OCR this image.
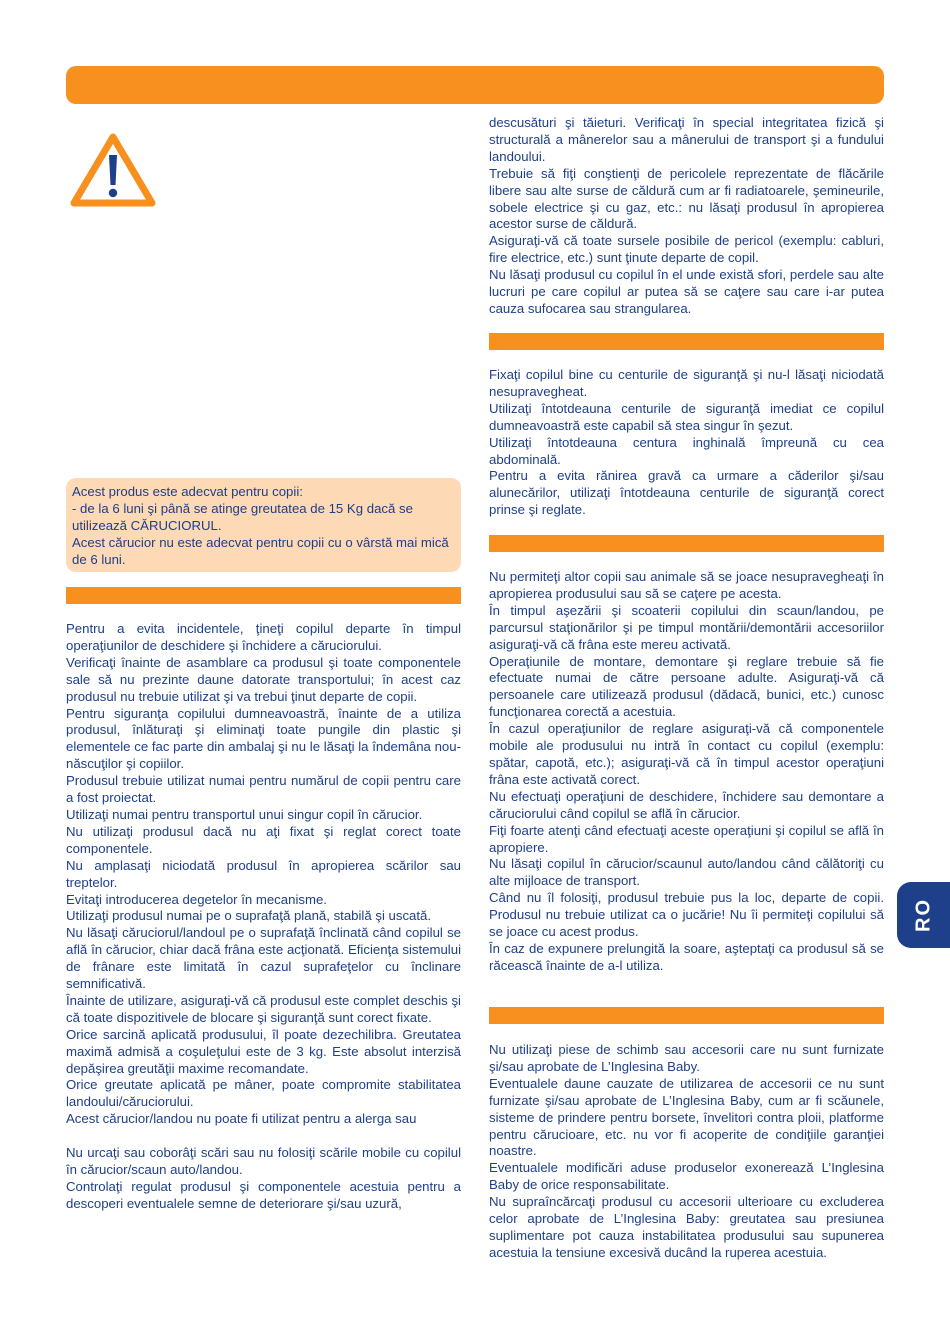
Acest produs este adecvat pentru copii:

- de la 6 luni şi până se atinge greutatea de 15 Kg dacă se utilizează CĂRUCIORUL.

Acest cărucior nu este adecvat pentru copii cu o vârstă mai mică de 6 luni.

Pentru a evita incidentele, ţineţi copilul departe în timpul operaţiunilor de deschidere şi închidere a căruciorului.

Verificaţi înainte de asamblare ca produsul şi toate componentele sale să nu prezinte daune datorate transportului; în acest caz produsul nu trebuie utilizat şi va trebui ţinut departe de copii.

Pentru siguranţa copilului dumneavoastră, înainte de a utiliza produsul, înlăturaţi şi eliminaţi toate pungile din plastic şi elementele ce fac parte din ambalaj şi nu le lăsaţi la îndemâna nou-născuţilor şi copiilor.

Produsul trebuie utilizat numai pentru numărul de copii pentru care a fost proiectat.

Utilizaţi numai pentru transportul unui singur copil în cărucior.

Nu utilizaţi produsul dacă nu aţi fixat şi reglat corect toate componentele.

Nu amplasaţi niciodată produsul în apropierea scărilor sau treptelor.

Evitaţi introducerea degetelor în mecanisme.

Utilizaţi produsul numai pe o suprafaţă plană, stabilă şi uscată.

Nu lăsaţi căruciorul/landoul pe o suprafaţă înclinată când copilul se află în cărucior, chiar dacă frâna este acţionată. Eficienţa sistemului de frânare este limitată în cazul suprafeţelor cu înclinare semnificativă.

Înainte de utilizare, asiguraţi-vă că produsul este complet deschis şi că toate dispozitivele de blocare şi siguranţă sunt corect fixate.

Orice sarcină aplicată produsului, îl poate dezechilibra. Greutatea maximă admisă a coşuleţului este de 3 kg. Este absolut interzisă depăşirea greutăţii maxime recomandate.

Orice greutate aplicată pe mâner, poate compromite stabilitatea landoului/căruciorului.

Acest cărucior/landou nu poate fi utilizat pentru a alerga sau

Nu urcaţi sau coborâţi scări sau nu folosiţi scările mobile cu copilul în cărucior/scaun auto/landou.

Controlaţi regulat produsul şi componentele acestuia pentru a descoperi eventualele semne de deteriorare şi/sau uzură,

descusături şi tăieturi. Verificaţi în special integritatea fizică şi structurală a mânerelor sau a mânerului de transport şi a fundului landoului.

Trebuie să fiţi conştienţi de pericolele reprezentate de flăcările libere sau alte surse de căldură cum ar fi radiatoarele, şemineurile, sobele electrice şi cu gaz, etc.: nu lăsaţi produsul în apropierea acestor surse de căldură.

Asiguraţi-vă că toate sursele posibile de pericol (exemplu: cabluri, fire electrice, etc.) sunt ţinute departe de copil.

Nu lăsaţi produsul cu copilul în el unde există sfori, perdele sau alte lucruri pe care copilul ar putea să se caţere sau care i-ar putea cauza sufocarea sau strangularea.

Fixaţi copilul bine cu centurile de siguranţă şi nu-l lăsaţi niciodată nesupravegheat.

Utilizaţi întotdeauna centurile de siguranţă imediat ce copilul dumneavoastră este capabil să stea singur în şezut.

Utilizaţi întotdeauna centura inghinală împreună cu cea abdominală.

Pentru a evita rănirea gravă ca urmare a căderilor şi/sau alunecărilor, utilizaţi întotdeauna centurile de siguranţă corect prinse şi reglate.

Nu permiteţi altor copii sau animale să se joace nesupravegheaţi în apropierea produsului sau să se caţere pe acesta.

În timpul aşezării şi scoaterii copilului din scaun/landou, pe parcursul staţionărilor şi pe timpul montării/demontării accesoriilor asiguraţi-vă că frâna este mereu activată.

Operaţiunile de montare, demontare şi reglare trebuie să fie efectuate numai de către persoane adulte. Asiguraţi-vă că persoanele care utilizează produsul (dădacă, bunici, etc.) cunosc funcţionarea corectă a acestuia.

În cazul operaţiunilor de reglare asiguraţi-vă că componentele mobile ale produsului nu intră în contact cu copilul (exemplu: spătar, capotă, etc.); asiguraţi-vă că în timpul acestor operaţiuni frâna este activată corect.

Nu efectuaţi operaţiuni de deschidere, închidere sau demontare a căruciorului când copilul se află în cărucior.

Fiţi foarte atenţi când efectuaţi aceste operaţiuni şi copilul se află în apropiere.

Nu lăsaţi copilul în cărucior/scaunul auto/landou când călătoriţi cu alte mijloace de transport.

Când nu îl folosiţi, produsul trebuie pus la loc, departe de copii. Produsul nu trebuie utilizat ca o jucărie! Nu îi permiteţi copilului să se joace cu acest produs.

În caz de expunere prelungită la soare, aşteptaţi ca produsul să se răcească înainte de a-l utiliza.

Nu utilizaţi piese de schimb sau accesorii care nu sunt furnizate şi/sau aprobate de L’Inglesina Baby.

Eventualele daune cauzate de utilizarea de accesorii ce nu sunt furnizate şi/sau aprobate de L’Inglesina Baby, cum ar fi scăunele, sisteme de prindere pentru borsete, învelitori contra ploii, platforme pentru cărucioare, etc. nu vor fi acoperite de condiţiile garanţiei noastre.

Eventualele modificări aduse produselor exonerează L’Inglesina Baby de orice responsabilitate.

Nu supraîncărcaţi produsul cu accesorii ulterioare cu excluderea celor aprobate de L’Inglesina Baby: greutatea sau presiunea suplimentare pot cauza instabilitatea produsului sau supunerea acestuia la tensiune excesivă ducând la ruperea acestuia.

RO
